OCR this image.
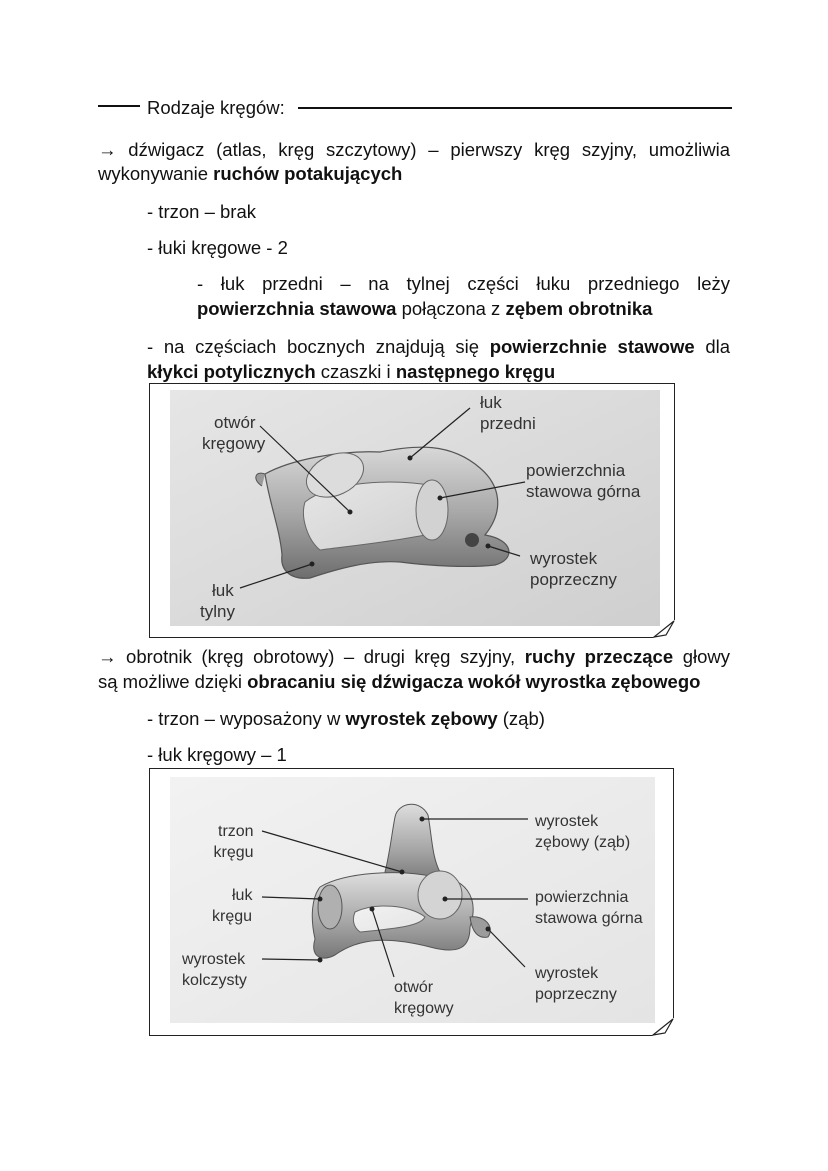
Rodzaje kręgów:
→ dźwigacz (atlas, kręg szczytowy) – pierwszy kręg szyjny, umożliwia
wykonywanie ruchów potakujących
- trzon – brak
- łuki kręgowe - 2
- łuk przedni – na tylnej części łuku przedniego leży
powierzchnia stawowa połączona z zębem obrotnika
- na częściach bocznych znajdują się powierzchnie stawowe dla
kłykci potylicznych czaszki i następnego kręgu
otwór
kręgowy
łuk
przedni
powierzchnia
stawowa górna
wyrostek
poprzeczny
łuk
tylny
→ obrotnik (kręg obrotowy) – drugi kręg szyjny, ruchy przeczące głowy
są możliwe dzięki obracaniu się dźwigacza wokół wyrostka zębowego
- trzon – wyposażony w wyrostek zębowy (ząb)
- łuk kręgowy – 1
trzon
kręgu
łuk
kręgu
wyrostek
kolczysty	otwór
kręgowy
wyrostek
zębowy (ząb)
powierzchnia
stawowa górna
wyrostek
poprzeczny
